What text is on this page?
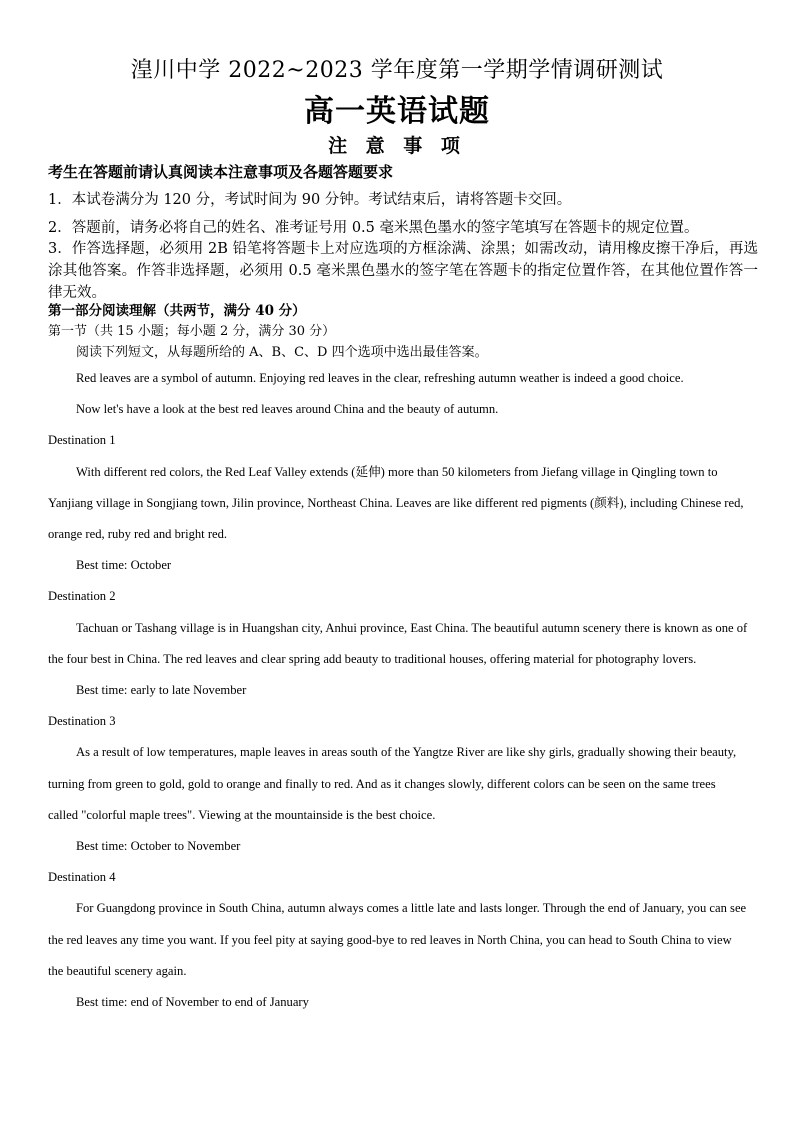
湟川中学 2022~2023 学年度第一学期学情调研测试
高一英语试题
注 意 事 项
考生在答题前请认真阅读本注意事项及各题答题要求
1．本试卷满分为 120 分，考试时间为 90 分钟。考试结束后，请将答题卡交回。
2．答题前，请务必将自己的姓名、准考证号用 0.5 毫米黑色墨水的签字笔填写在答题卡的规定位置。
3．作答选择题，必须用 2B 铅笔将答题卡上对应选项的方框涂满、涂黑；如需改动，请用橡皮擦干净后，再选涂其他答案。作答非选择题，必须用 0.5 毫米黑色墨水的签字笔在答题卡的指定位置作答，在其他位置作答一律无效。
第一部分阅读理解（共两节，满分 40 分）
第一节（共 15 小题；每小题 2 分，满分 30 分）
阅读下列短文，从每题所给的 A、B、C、D 四个选项中选出最佳答案。

Red leaves are a symbol of autumn. Enjoying red leaves in the clear, refreshing autumn weather is indeed a good choice.

Now let's have a look at the best red leaves around China and the beauty of autumn.

Destination 1

With different red colors, the Red Leaf Valley extends (延伸) more than 50 kilometers from Jiefang village in Qingling town to Yanjiang village in Songjiang town, Jilin province, Northeast China. Leaves are like different red pigments (颜料), including Chinese red, orange red, ruby red and bright red.

Best time: October

Destination 2

Tachuan or Tashang village is in Huangshan city, Anhui province, East China. The beautiful autumn scenery there is known as one of the four best in China. The red leaves and clear spring add beauty to traditional houses, offering material for photography lovers.

Best time: early to late November

Destination 3

As a result of low temperatures, maple leaves in areas south of the Yangtze River are like shy girls, gradually showing their beauty, turning from green to gold, gold to orange and finally to red. And as it changes slowly, different colors can be seen on the same trees called "colorful maple trees". Viewing at the mountainside is the best choice.

Best time: October to November

Destination 4

For Guangdong province in South China, autumn always comes a little late and lasts longer. Through the end of January, you can see the red leaves any time you want. If you feel pity at saying good-bye to red leaves in North China, you can head to South China to view the beautiful scenery again.

Best time: end of November to end of January
